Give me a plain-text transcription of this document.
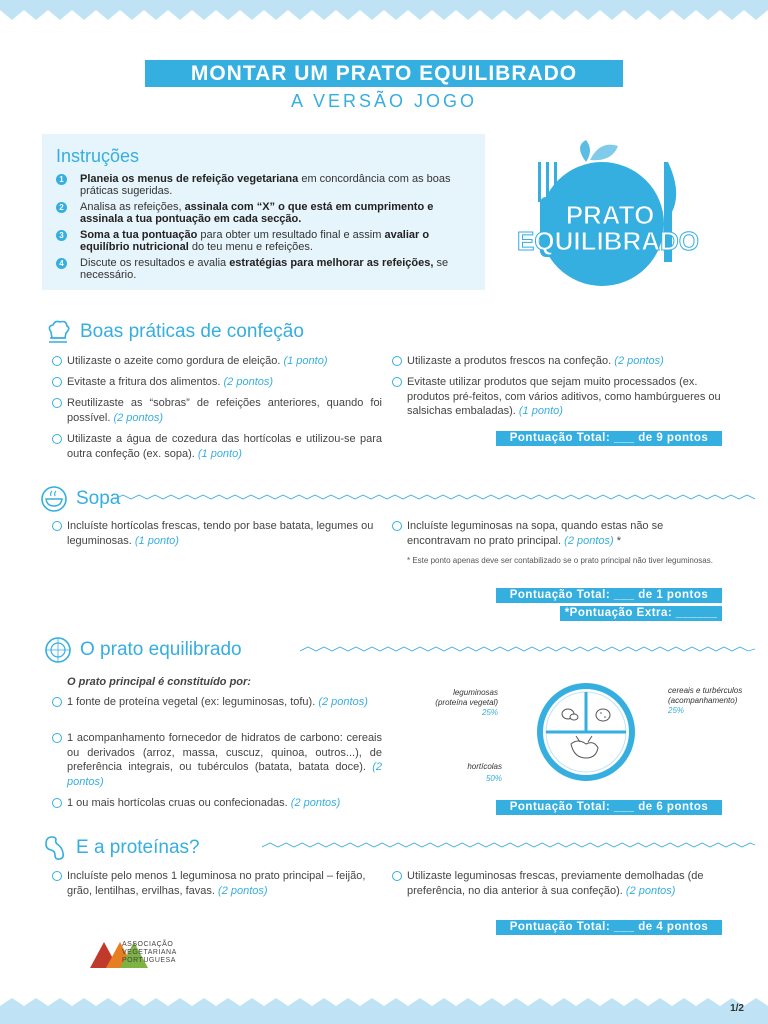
MONTAR UM PRATO EQUILIBRADO
A VERSÃO JOGO
Instruções
1 Planeia os menus de refeição vegetariana em concordância com as boas práticas sugeridas.
2 Analisa as refeições, assinala com “X” o que está em cumprimento e assinala a tua pontuação em cada secção.
3 Soma a tua pontuação para obter um resultado final e assim avaliar o equilíbrio nutricional do teu menu e refeições.
4 Discute os resultados e avalia estratégias para melhorar as refeições, se necessário.
PRATO
EQUILIBRADO
Boas práticas de confeção
Utilizaste o azeite como gordura de eleição. (1 ponto)
Evitaste a fritura dos alimentos. (2 pontos)
Reutilizaste as “sobras” de refeições anteriores, quando foi possível. (2 pontos)
Utilizaste a água de cozedura das hortícolas e utilizou-se para outra confeção (ex. sopa). (1 ponto)
Utilizaste a produtos frescos na confeção. (2 pontos)
Evitaste utilizar produtos que sejam muito processados (ex. produtos pré-feitos, com vários aditivos, como hambúrgueres ou salsichas embaladas). (1 ponto)
Pontuação Total: ___ de 9 pontos
Sopa
Incluíste hortícolas frescas, tendo por base batata, legumes ou leguminosas. (1 ponto)
Incluíste leguminosas na sopa, quando estas não se encontravam no prato principal. (2 pontos) *
* Este ponto apenas deve ser contabilizado se o prato principal não tiver leguminosas.
Pontuação Total: ___ de 1 pontos
*Pontuação Extra: ______
O prato equilibrado
O prato principal é constituído por:
1 fonte de proteína vegetal (ex: leguminosas, tofu). (2 pontos)
1 acompanhamento fornecedor de hidratos de carbono: cereais ou derivados (arroz, massa, cuscuz, quinoa, outros...), de preferência integrais, ou tubérculos (batata, batata doce). (2 pontos)
1 ou mais hortícolas cruas ou confecionadas. (2 pontos)
leguminosas
(proteína vegetal)
25%
cereais e turbérculos
(acompanhamento)
25%
hortícolas
50%
Pontuação Total: ___ de 6 pontos
E a proteínas?
Incluíste pelo menos 1 leguminosa no prato principal – feijão, grão, lentilhas, ervilhas, favas. (2 pontos)
Utilizaste leguminosas frescas, previamente demolhadas (de preferência, no dia anterior à sua confeção). (2 pontos)
Pontuação Total: ___ de 4 pontos
ASSOCIAÇÃO
VEGETARIANA
PORTUGUESA
1/2
